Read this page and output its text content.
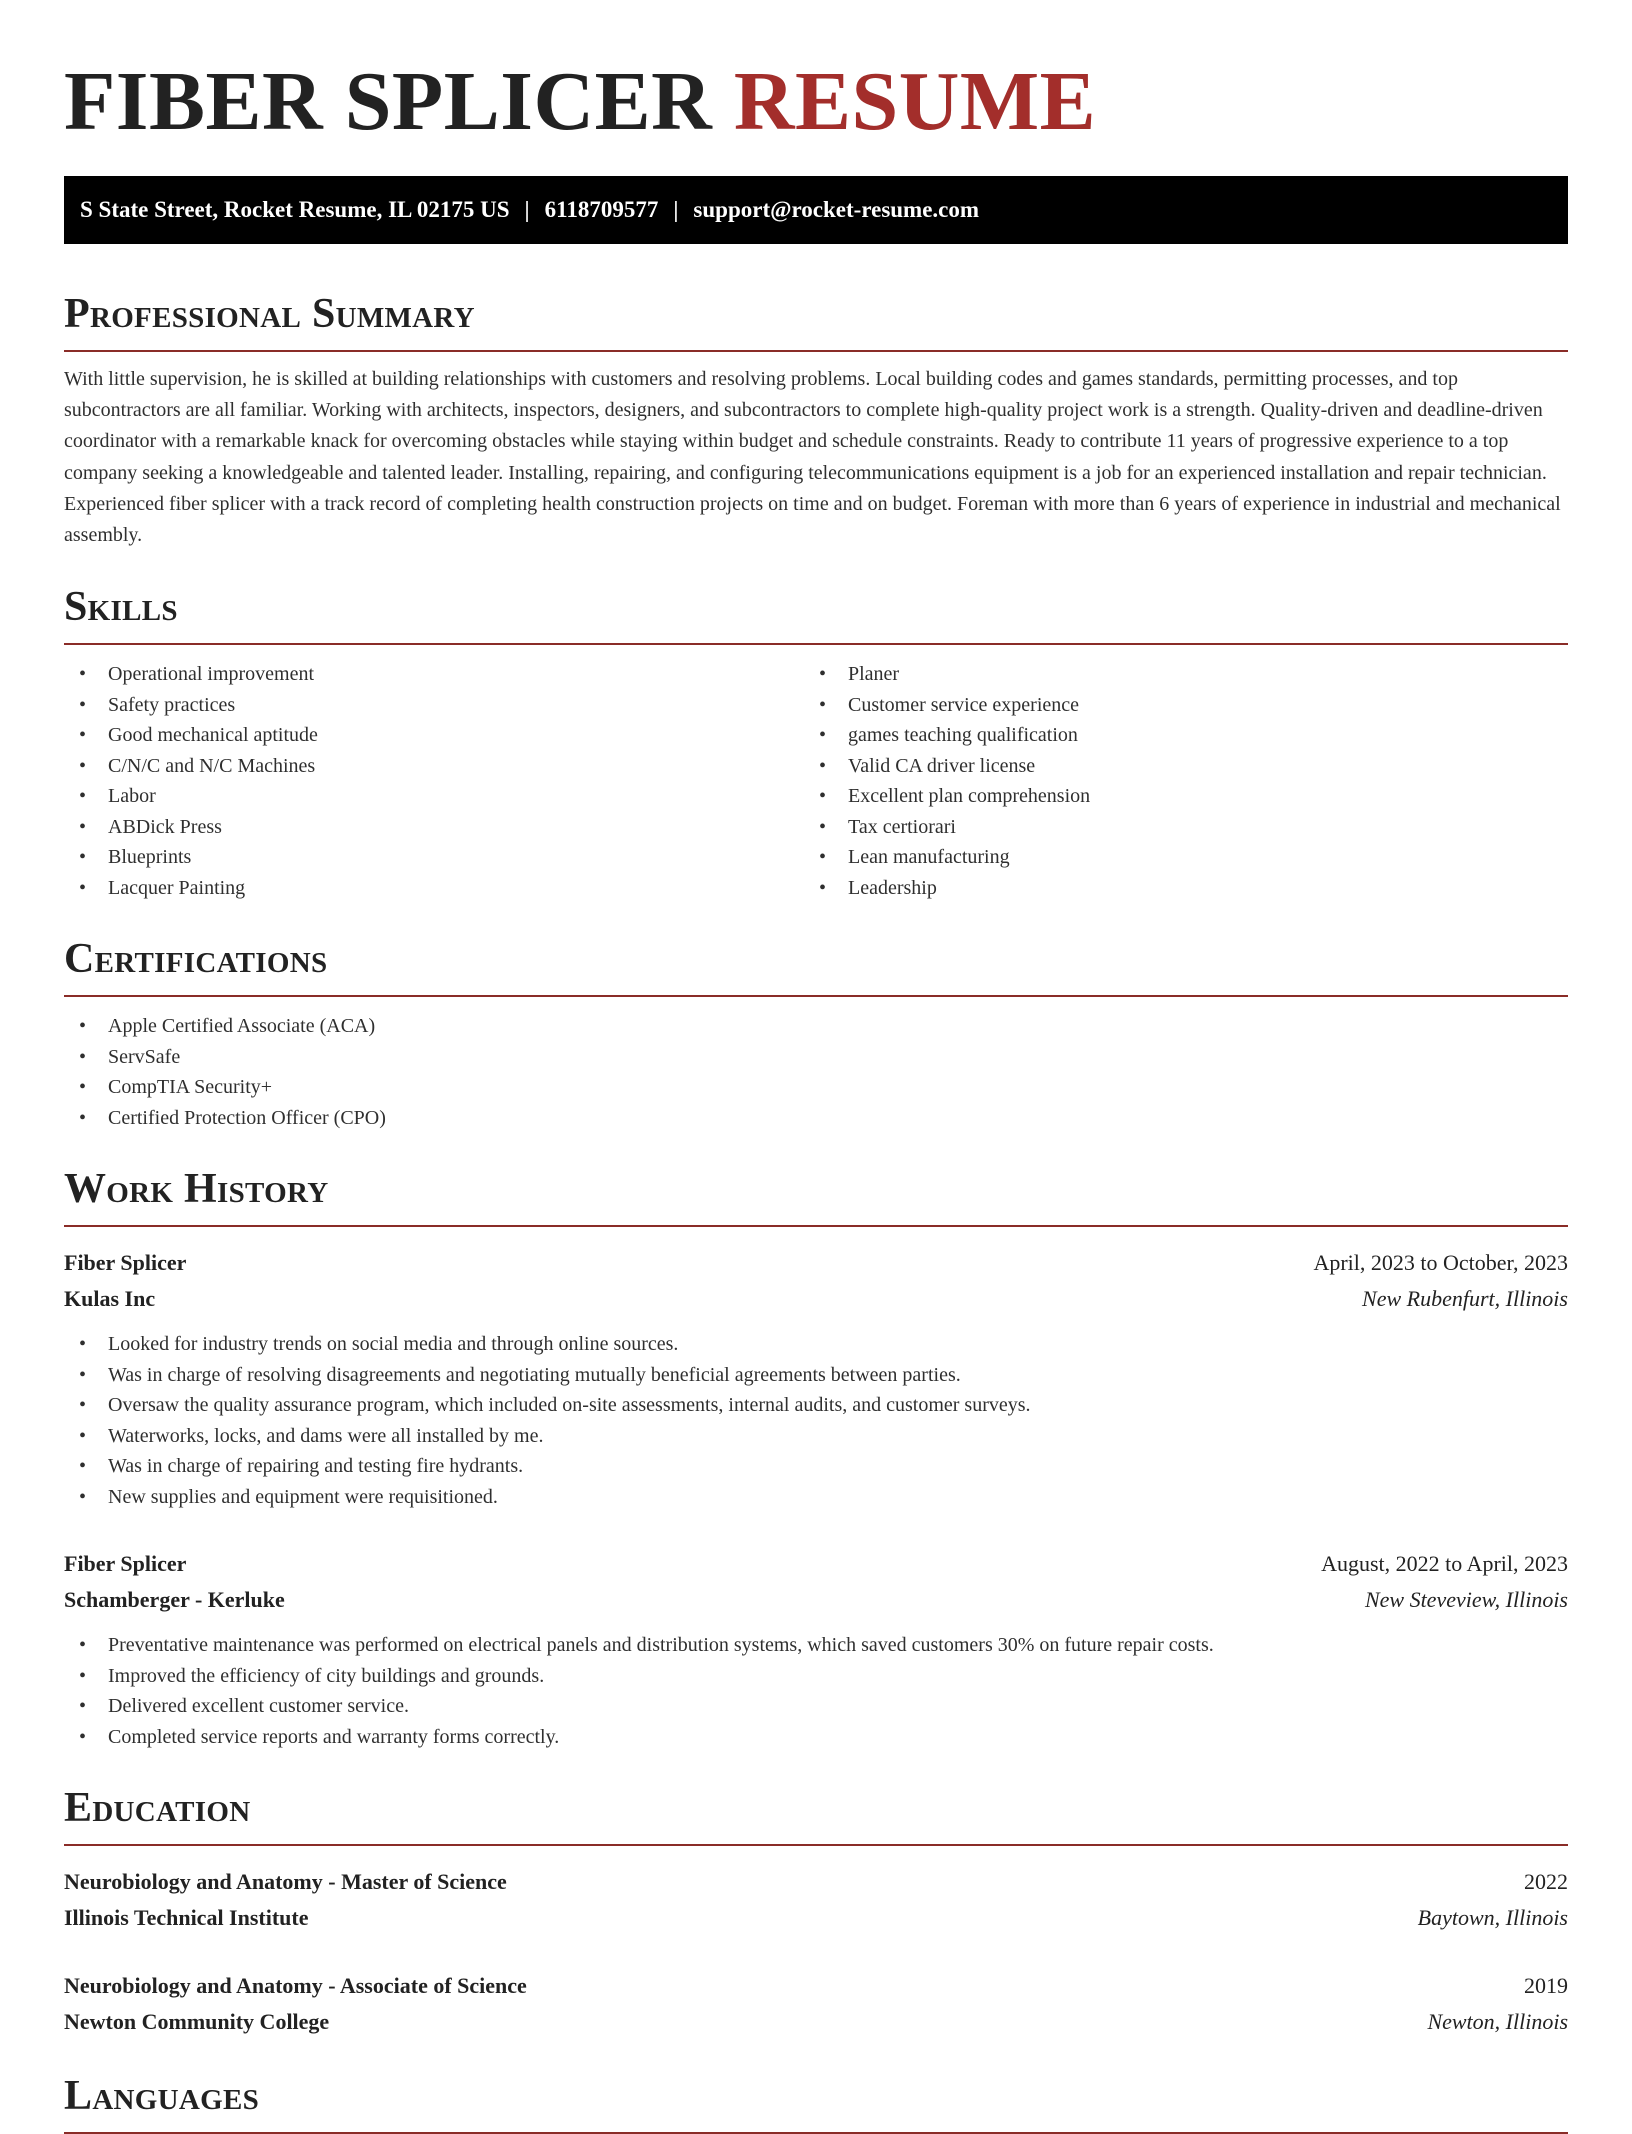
FIBER SPLICER RESUME
S State Street, Rocket Resume, IL 02175 US | 6118709577 | support@rocket-resume.com
Professional Summary

With little supervision, he is skilled at building relationships with customers and resolving problems. Local building codes and games standards, permitting processes, and top subcontractors are all familiar. Working with architects, inspectors, designers, and subcontractors to complete high-quality project work is a strength. Quality-driven and deadline-driven coordinator with a remarkable knack for overcoming obstacles while staying within budget and schedule constraints. Ready to contribute 11 years of progressive experience to a top company seeking a knowledgeable and talented leader. Installing, repairing, and configuring telecommunications equipment is a job for an experienced installation and repair technician. Experienced fiber splicer with a track record of completing health construction projects on time and on budget. Foreman with more than 6 years of experience in industrial and mechanical assembly.

Skills
• Operational improvement
• Safety practices
• Good mechanical aptitude
• C/N/C and N/C Machines
• Labor
• ABDick Press
• Blueprints
• Lacquer Painting
• Planer
• Customer service experience
• games teaching qualification
• Valid CA driver license
• Excellent plan comprehension
• Tax certiorari
• Lean manufacturing
• Leadership
Certifications
• Apple Certified Associate (ACA)
• ServSafe
• CompTIA Security+
• Certified Protection Officer (CPO)
Work History
Fiber Splicer	April, 2023 to October, 2023
Kulas Inc	New Rubenfurt, Illinois
• Looked for industry trends on social media and through online sources.
• Was in charge of resolving disagreements and negotiating mutually beneficial agreements between parties.
• Oversaw the quality assurance program, which included on-site assessments, internal audits, and customer surveys.
• Waterworks, locks, and dams were all installed by me.
• Was in charge of repairing and testing fire hydrants.
• New supplies and equipment were requisitioned.
Fiber Splicer	August, 2022 to April, 2023
Schamberger - Kerluke	New Steveview, Illinois
• Preventative maintenance was performed on electrical panels and distribution systems, which saved customers 30% on future repair costs.
• Improved the efficiency of city buildings and grounds.
• Delivered excellent customer service.
• Completed service reports and warranty forms correctly.
Education
Neurobiology and Anatomy - Master of Science	2022
Illinois Technical Institute	Baytown, Illinois
Neurobiology and Anatomy - Associate of Science	2019
Newton Community College	Newton, Illinois
Languages
